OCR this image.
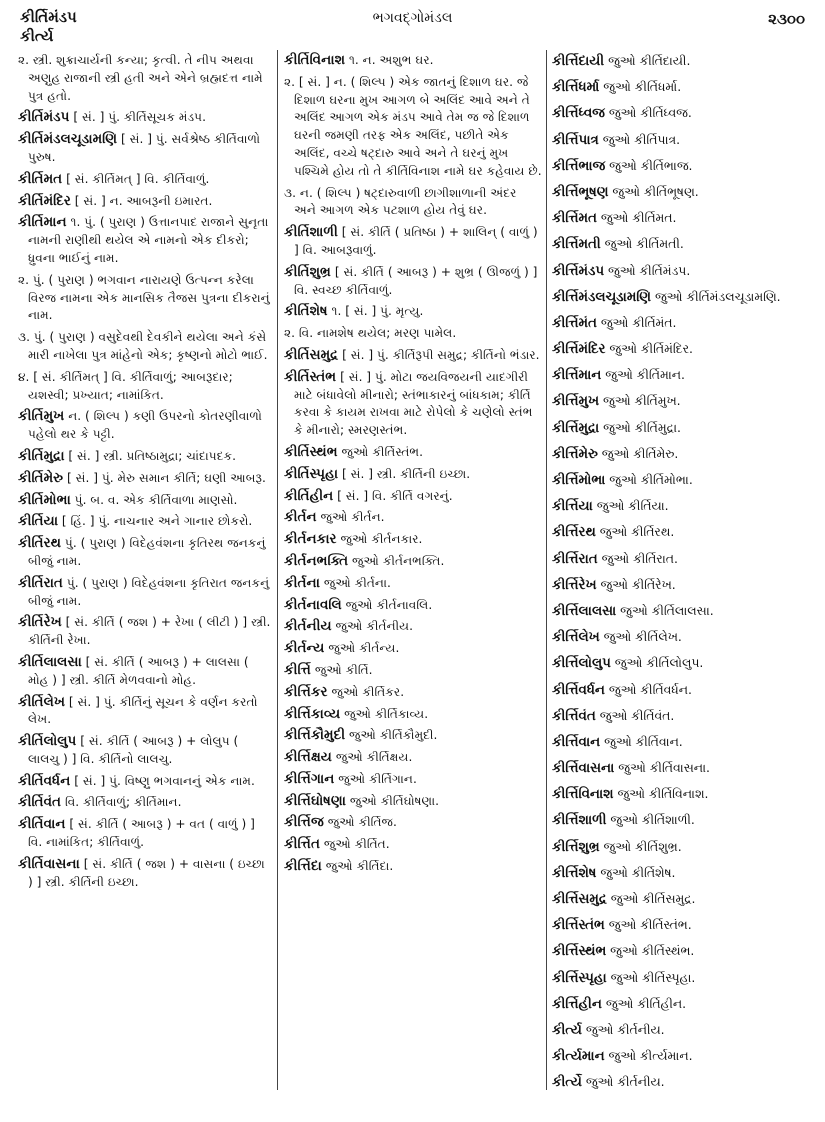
કીર્તિમંડપ
કીર્ત્ય
ભગવદ્ગોમંડલ	૨૩૦૦

૨. સ્ત્રી. શુક્રાચાર્યની કન્યા; કૃત્વી. તે નીપ અથવા અણુહ રાજાની સ્ત્રી હતી અને એને બ્રહ્મદત્ત નામે પુત્ર હતો.

કીર્તિમંડપ [ સં. ] પું. કીર્તિસૂચક મંડપ.

કીર્તિમંડલચૂડામણિ [ સં. ] પું. સર્વશ્રેષ્ઠ કીર્તિવાળો પુરુષ.

કીર્તિમત [ સં. કીર્તિમત્ ] વિ. કીર્તિવાળું.

કીર્તિમંદિર [ સં. ] ન. આબરૂની ઇમારત.

કીર્તિમાન ૧. પું. ( પુરાણ ) ઉત્તાનપાદ રાજાને સુનૃતા નામની રાણીથી થયેલ એ નામનો એક દીકરો; ધ્રુવના ભાઈનું નામ.

૨. પું. ( પુરાણ ) ભગવાન નારાયણે ઉત્પન્ન કરેલા વિરજ નામના એક માનસિક તૈજસ પુત્રના દીકરાનું નામ.

૩. પું. ( પુરાણ ) વસુદેવથી દેવકીને થયેલા અને કંસે મારી નાખેલા પુત્ર માંહેનો એક; કૃષ્ણનો મોટો ભાઈ.

૪. [ સં. કીર્તિમત્ ] વિ. કીર્તિવાળું; આબરૂદાર; યશસ્વી; પ્રખ્યાત; નામાંકિત.

કીર્તિમુખ ન. ( શિલ્પ ) કણી ઉપરનો કોતરણીવાળો પહેલો થર કે પટ્ટી.

કીર્તિમુદ્રા [ સં. ] સ્ત્રી. પ્રતિષ્ઠામુદ્રા; ચાંદાપદક.

કીર્તિમેરુ [ સં. ] પું. મેરુ સમાન કીર્તિ; ઘણી આબરૂ.

કીર્તિમોભા પું. બ. વ. એક કીર્તિવાળા માણસો.

કીર્તિયા [ હિં. ] પું. નાચનાર અને ગાનાર છોકરો.

કીર્તિરથ પું. ( પુરાણ ) વિદેહવંશના કૃતિરથ જનકનું બીજું નામ.

કીર્તિરાત પું. ( પુરાણ ) વિદેહવંશના કૃતિરાત જનકનું બીજું નામ.

કીર્તિરેખ [ સં. કીર્તિ ( જશ ) + રેખા ( લીટી ) ] સ્ત્રી. કીર્તિની રેખા.

કીર્તિલાલસા [ સં. કીર્તિ ( આબરૂ ) + લાલસા ( મોહ ) ] સ્ત્રી. કીર્તિ મેળવવાનો મોહ.

કીર્તિલેખ [ સં. ] પું. કીર્તિનું સૂચન કે વર્ણન કરતો લેખ.

કીર્તિલોલુપ [ સં. કીર્તિ ( આબરૂ ) + લોલુપ ( લાલચુ ) ] વિ. કીર્તિનો લાલચુ.

કીર્તિવર્ધન [ સં. ] પું. વિષ્ણુ ભગવાનનું એક નામ.

કીર્તિવંત વિ. કીર્તિવાળું; કીર્તિમાન.

કીર્તિવાન [ સં. કીર્તિ ( આબરૂ ) + વત ( વાળું ) ] વિ. નામાંકિત; કીર્તિવાળું.

કીર્તિવાસના [ સં. કીર્તિ ( જશ ) + વાસના ( ઇચ્છા ) ] સ્ત્રી. કીર્તિની ઇચ્છા.

કીર્તિવિનાશ ૧. ન. અશુભ ઘર.

૨. [ સં. ] ન. ( શિલ્પ ) એક જાતનું દિશાળ ઘર. જે દિશાળ ઘરના મુખ આગળ બે અલિંદ આવે અને તે અલિંદ આગળ એક મંડપ આવે તેમ જ જે દિશાળ ઘરની જમણી તરફ એક અલિંદ, પછીતે એક અલિંદ, વચ્ચે ષટ્દારુ આવે અને તે ઘરનું મુખ પશ્ચિમે હોય તો તે કીર્તિવિનાશ નામે ઘર કહેવાય છે.

૩. ન. ( શિલ્પ ) ષટ્દારુવાળી છાગીશાળાની અંદર અને આગળ એક પટશાળ હોય તેવું ઘર.

કીર્તિશાળી [ સં. કીર્તિ ( પ્રતિષ્ઠા ) + શાલિન્ ( વાળું ) ] વિ. આબરૂવાળું.

કીર્તિશુભ્ર [ સં. કીર્તિ ( આબરૂ ) + શુભ્ર ( ઊજળું ) ] વિ. સ્વચ્છ કીર્તિવાળું.

કીર્તિશેષ ૧. [ સં. ] પું. મૃત્યુ.

૨. વિ. નામશેષ થયેલ; મરણ પામેલ.

કીર્તિસમુદ્ર [ સં. ] પું. કીર્તિરૂપી સમુદ્ર; કીર્તિનો ભંડાર.

કીર્તિસ્તંભ [ સં. ] પું. મોટા જયવિજયની યાદગીરી માટે બંધાવેલો મીનારો; સ્તંભાકારનું બાંધકામ; કીર્તિ કરવા કે કાયમ રાખવા માટે રોપેલો કે ચણેલો સ્તંભ કે મીનારો; સ્મરણસ્તંભ.

કીર્તિસ્થંભ જુઓ કીર્તિસ્તંભ.

કીર્તિસ્પૃહા [ સં. ] સ્ત્રી. કીર્તિની ઇચ્છા.

કીર્તિહીન [ સં. ] વિ. કીર્તિ વગરનું.

કીર્તન જુઓ કીર્તન.

કીર્તનકાર જુઓ કીર્તનકાર.

કીર્તનભક્તિ જુઓ કીર્તનભક્તિ.

કીર્તના જુઓ કીર્તના.

કીર્તનાવલિ જુઓ કીર્તનાવલિ.

કીર્તનીય જુઓ કીર્તનીય.

કીર્તન્ય જુઓ કીર્તન્ય.

કીર્ત્તિ જુઓ કીર્તિ.

કીર્ત્તિકર જુઓ કીર્તિકર.

કીર્ત્તિકાવ્ય જુઓ કીર્તિકાવ્ય.

કીર્ત્તિકૌમુદી જુઓ કીર્તિકૌમુદી.

કીર્ત્તિક્ષય જુઓ કીર્તિક્ષય.

કીર્ત્તિગાન જુઓ કીર્તિગાન.

કીર્ત્તિઘોષણા જુઓ કીર્તિઘોષણા.

કીર્ત્તિજ જુઓ કીર્તિજ.

કીર્ત્તિત જુઓ કીર્તિત.

કીર્ત્તિદા જુઓ કીર્તિદા.

કીર્ત્તિદાયી જુઓ કીર્તિદાયી.

કીર્ત્તિધર્મા જુઓ કીર્તિધર્મા.

કીર્ત્તિધ્વજ જુઓ કીર્તિધ્વજ.

કીર્ત્તિપાત્ર જુઓ કીર્તિપાત્ર.

કીર્ત્તિભાજ જુઓ કીર્તિભાજ.

કીર્ત્તિભૂષણ જુઓ કીર્તિભૂષણ.

કીર્ત્તિમત જુઓ કીર્તિમત.

કીર્ત્તિમતી જુઓ કીર્તિમતી.

કીર્ત્તિમંડપ જુઓ કીર્તિમંડપ.

કીર્ત્તિમંડલચૂડામણિ જુઓ કીર્તિમંડલચૂડામણિ.

કીર્ત્તિમંત જુઓ કીર્તિમંત.

કીર્ત્તિમંદિર જુઓ કીર્તિમંદિર.

કીર્ત્તિમાન જુઓ કીર્તિમાન.

કીર્ત્તિમુખ જુઓ કીર્તિમુખ.

કીર્ત્તિમુદ્રા જુઓ કીર્તિમુદ્રા.

કીર્ત્તિમેરુ જુઓ કીર્તિમેરુ.

કીર્ત્તિમોભા જુઓ કીર્તિમોભા.

કીર્ત્તિયા જુઓ કીર્તિયા.

કીર્ત્તિરથ જુઓ કીર્તિરથ.

કીર્ત્તિરાત જુઓ કીર્તિરાત.

કીર્ત્તિરેખ જુઓ કીર્તિરેખ.

કીર્ત્તિલાલસા જુઓ કીર્તિલાલસા.

કીર્ત્તિલેખ જુઓ કીર્તિલેખ.

કીર્ત્તિલોલુપ જુઓ કીર્તિલોલુપ.

કીર્ત્તિવર્ધન જુઓ કીર્તિવર્ધન.

કીર્ત્તિવંત જુઓ કીર્તિવંત.

કીર્ત્તિવાન જુઓ કીર્તિવાન.

કીર્ત્તિવાસના જુઓ કીર્તિવાસના.

કીર્ત્તિવિનાશ જુઓ કીર્તિવિનાશ.

કીર્ત્તિશાળી જુઓ કીર્તિશાળી.

કીર્ત્તિશુભ્ર જુઓ કીર્તિશુભ્ર.

કીર્ત્તિશેષ જુઓ કીર્તિશેષ.

કીર્ત્તિસમુદ્ર જુઓ કીર્તિસમુદ્ર.

કીર્ત્તિસ્તંભ જુઓ કીર્તિસ્તંભ.

કીર્ત્તિસ્થંભ જુઓ કીર્તિસ્થંભ.

કીર્ત્તિસ્પૃહા જુઓ કીર્તિસ્પૃહા.

કીર્ત્તિહીન જુઓ કીર્તિહીન.

કીર્ત્ય જુઓ કીર્તનીય.

કીર્ત્યમાન જુઓ કીર્ત્યમાન.

કીર્ત્યે જુઓ કીર્તનીય.
